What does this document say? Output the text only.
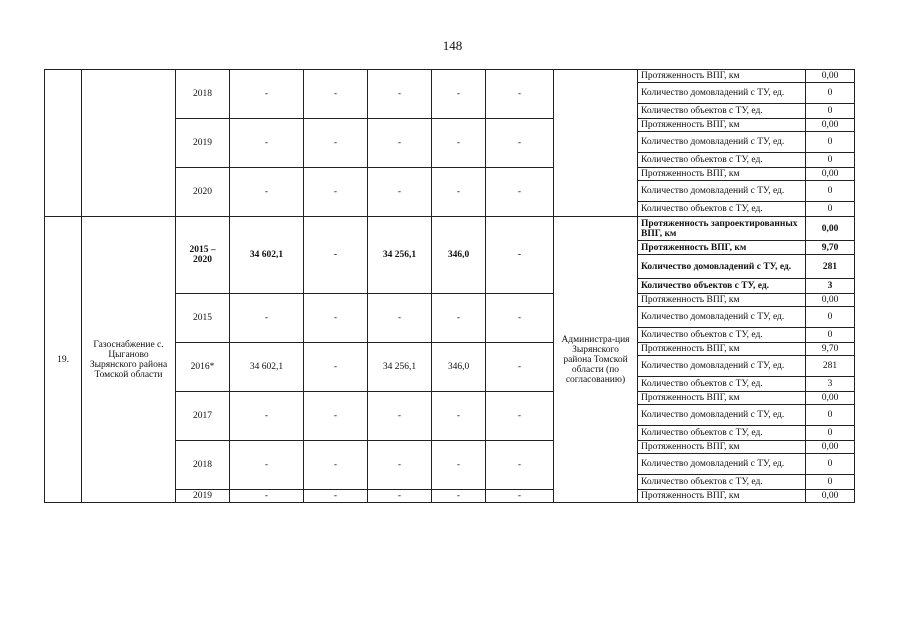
148
		2018	-	-	-	-	-		Протяженность ВПГ, км	0,00
									Количество домовладений с ТУ, ед.	0
									Количество объектов с ТУ, ед.	0
		2019	-	-	-	-	-		Протяженность ВПГ, км	0,00
									Количество домовладений с ТУ, ед.	0
									Количество объектов с ТУ, ед.	0
		2020	-	-	-	-	-		Протяженность ВПГ, км	0,00
									Количество домовладений с ТУ, ед.	0
									Количество объектов с ТУ, ед.	0
19.	Газоснабжение с. Цыганово Зырянского района Томской области	2015 – 2020	34 602,1	-	34 256,1	346,0	-	Администра-ция Зырянского района Томской области (по согласованию)	Протяженность запроектированных ВПГ, км	0,00
									Протяженность ВПГ, км	9,70
									Количество домовладений с ТУ, ед.	281
									Количество объектов с ТУ, ед.	3
		2015	-	-	-	-	-		Протяженность ВПГ, км	0,00
									Количество домовладений с ТУ, ед.	0
									Количество объектов с ТУ, ед.	0
		2016*	34 602,1	-	34 256,1	346,0	-		Протяженность ВПГ, км	9,70
									Количество домовладений с ТУ, ед.	281
									Количество объектов с ТУ, ед.	3
		2017	-	-	-	-	-		Протяженность ВПГ, км	0,00
									Количество домовладений с ТУ, ед.	0
									Количество объектов с ТУ, ед.	0
		2018	-	-	-	-	-		Протяженность ВПГ, км	0,00
									Количество домовладений с ТУ, ед.	0
									Количество объектов с ТУ, ед.	0
		2019	-	-	-	-	-		Протяженность ВПГ, км	0,00
